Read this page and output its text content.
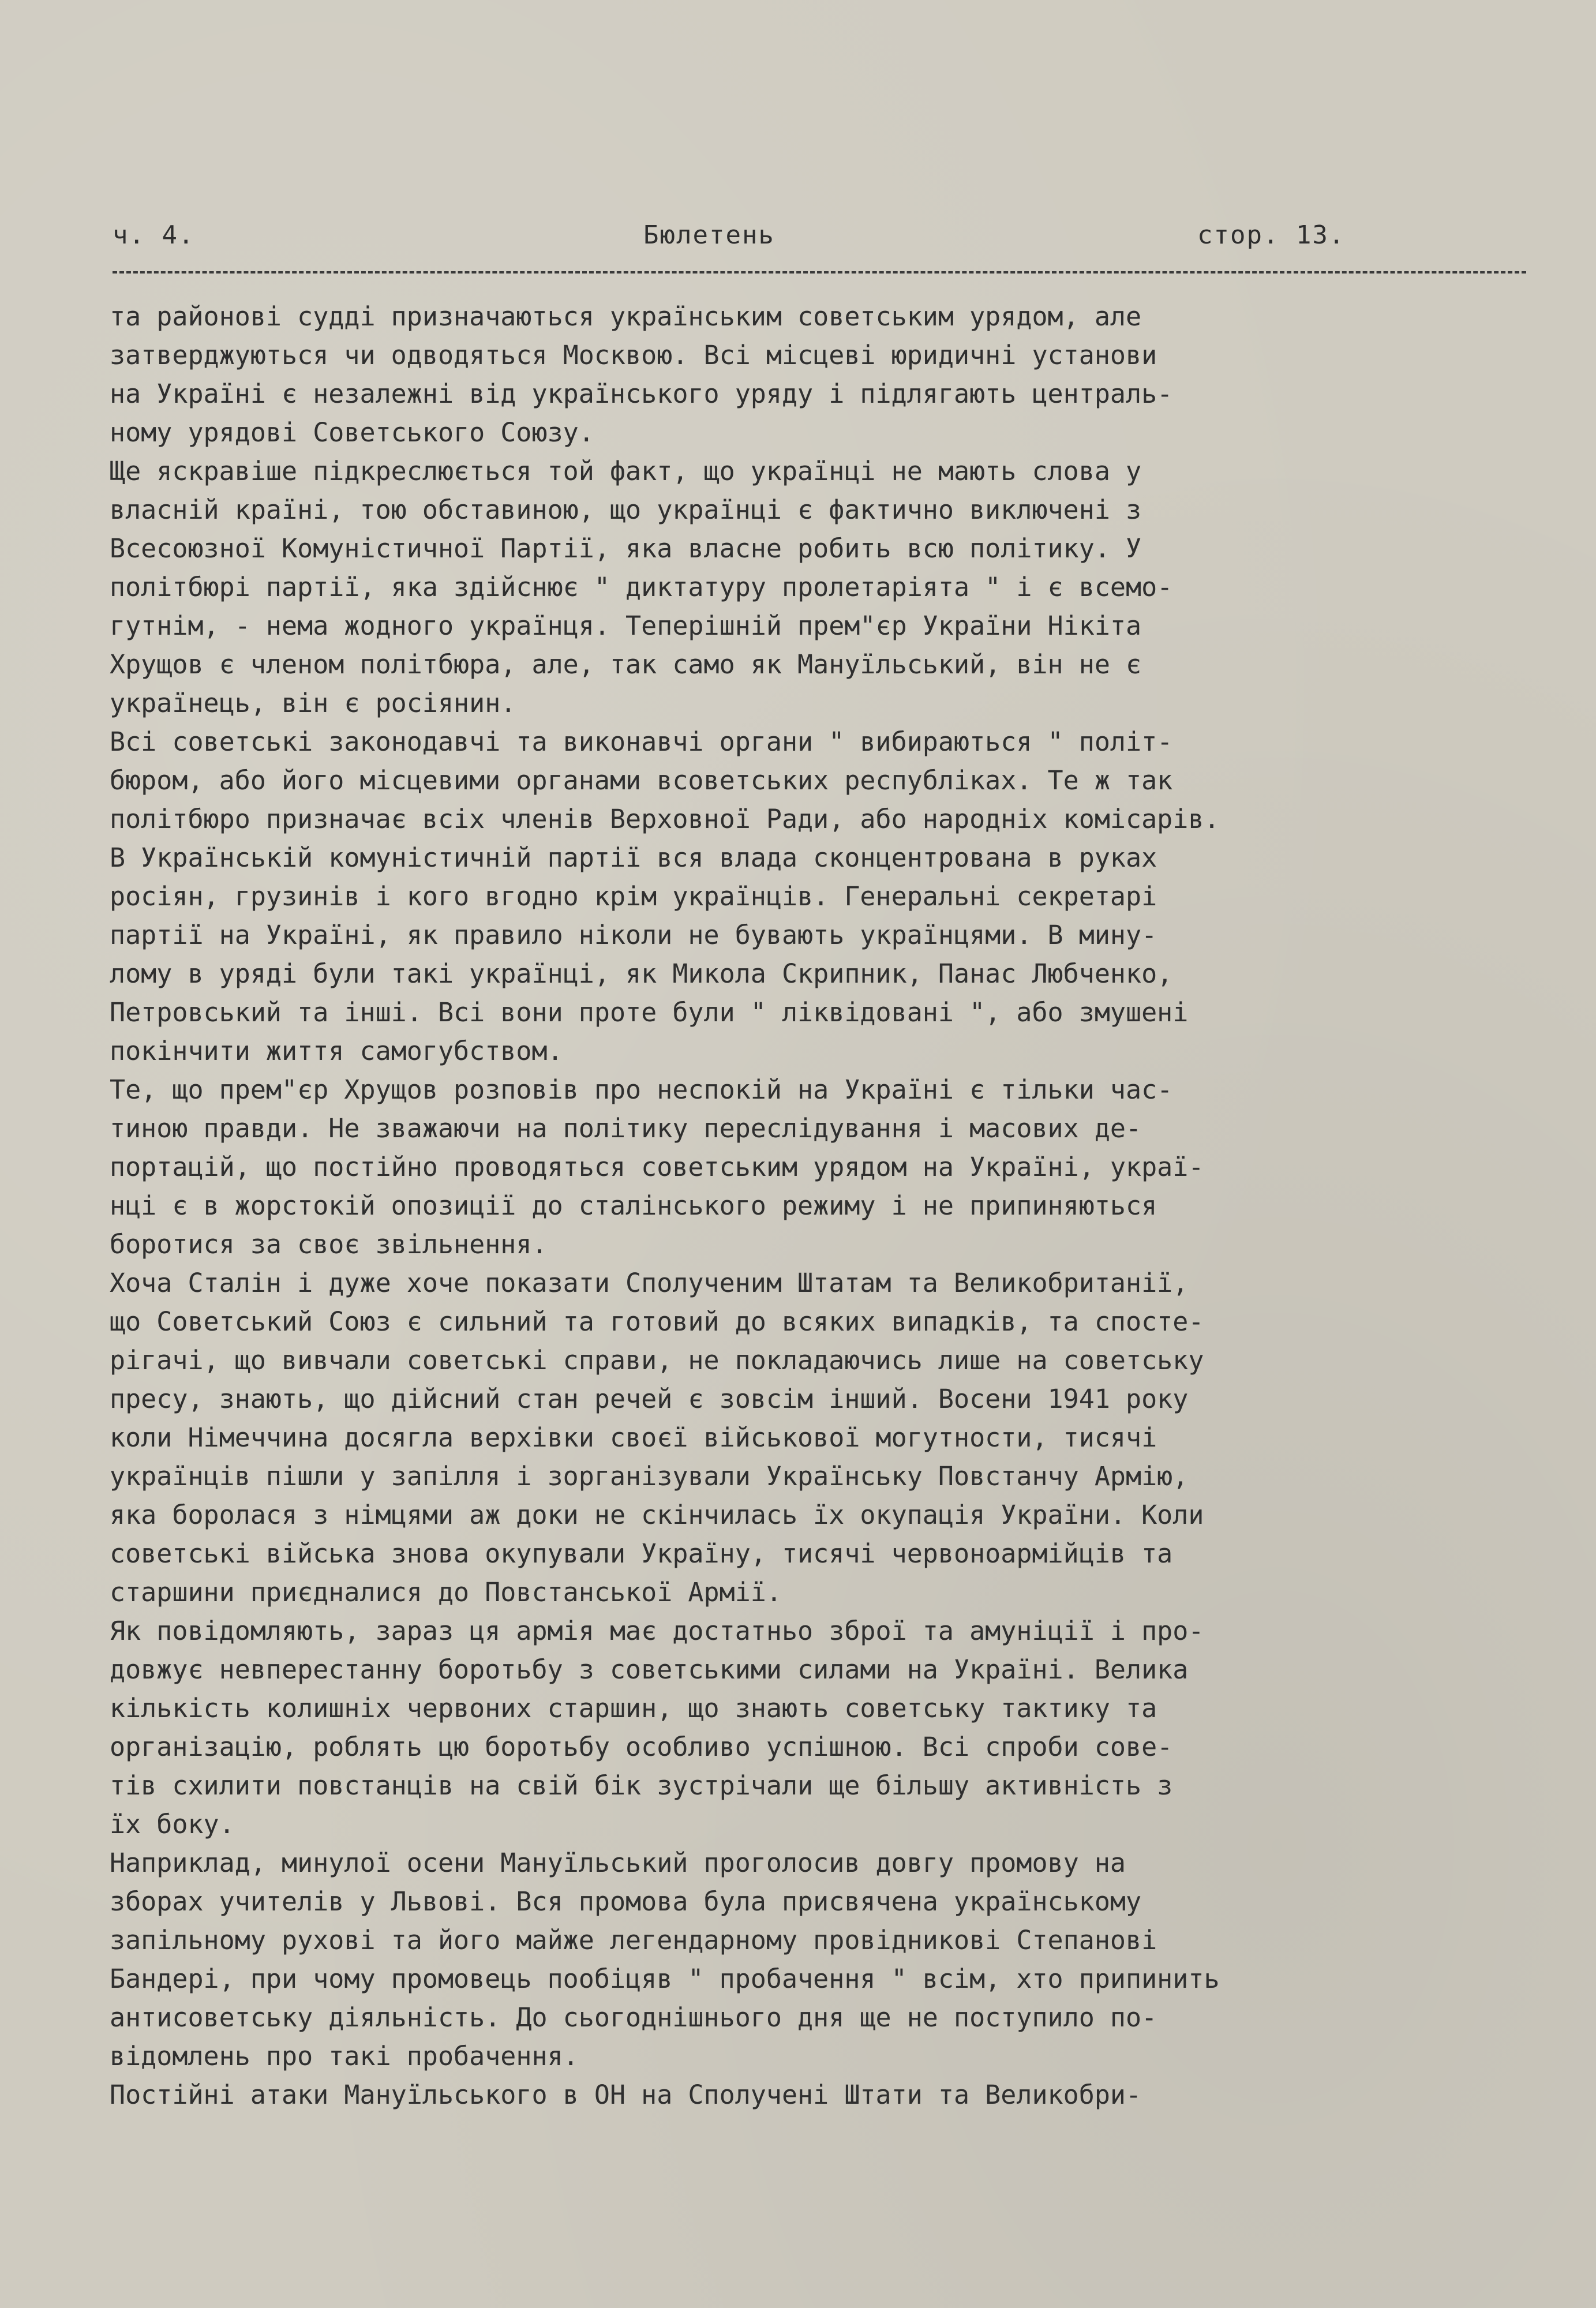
ч. 4.	Бюлетень	стор. 13.
та районові судді призначаються українським советським урядом, але
затверджуються чи одводяться Москвою. Всі місцеві юридичні установи
на Україні є незалежні від українського уряду і підлягають централь-
ному урядові Советського Союзу.
Ще яскравіше підкреслюється той факт, що українці не мають слова у
власній країні, тою обставиною, що українці є фактично виключені з
Всесоюзної Комуністичної Партії, яка власне робить всю політику. У
політбюрі партії, яка здійснює " диктатуру пролетаріята " і є всемо-
гутнім, - нема жодного українця. Теперішній прем"єр України Нікіта
Хрущов є членом політбюра, але, так само як Мануїльський, він не є
українець, він є росіянин.
Всі советські законодавчі та виконавчі органи " вибираються " політ-
бюром, або його місцевими органами всоветських республіках. Те ж так
політбюро призначає всіх членів Верховної Ради, або народніх комісарів.
В Українській комуністичній партії вся влада сконцентрована в руках
росіян, грузинів і кого вгодно крім українців. Генеральні секретарі
партії на Україні, як правило ніколи не бувають українцями. В мину-
лому в уряді були такі українці, як Микола Скрипник, Панас Любченко,
Петровський та інші. Всі вони проте були " ліквідовані ", або змушені
покінчити життя самогубством.
Те, що прем"єр Хрущов розповів про неспокій на Україні є тільки час-
тиною правди. Не зважаючи на політику переслідування і масових де-
портацій, що постійно проводяться советським урядом на Україні, украї-
нці є в жорстокій опозиції до сталінського режиму і не припиняються
боротися за своє звільнення.
Хоча Сталін і дуже хоче показати Сполученим Штатам та Великобританії,
що Советський Союз є сильний та готовий до всяких випадків, та спосте-
рігачі, що вивчали советські справи, не покладаючись лише на советську
пресу, знають, що дійсний стан речей є зовсім інший. Восени 1941 року
коли Німеччина досягла верхівки своєї військової могутности, тисячі
українців пішли у запілля і зорганізували Українську Повстанчу Армію,
яка боролася з німцями аж доки не скінчилась їх окупація України. Коли
советські війська знова окупували Україну, тисячі червоноармійців та
старшини приєдналися до Повстанської Армії.
Як повідомляють, зараз ця армія має достатньо зброї та амуніції і про-
довжує невперестанну боротьбу з советськими силами на Україні. Велика
кількість колишніх червоних старшин, що знають советську тактику та
організацію, роблять цю боротьбу особливо успішною. Всі спроби сове-
тів схилити повстанців на свій бік зустрічали ще більшу активність з
їх боку.
Наприклад, минулої осени Мануїльський проголосив довгу промову на
зборах учителів у Львові. Вся промова була присвячена українському
запільному рухові та його майже легендарному провідникові Степанові
Бандері, при чому промовець пообіцяв " пробачення " всім, хто припинить
антисоветську діяльність. До сьогоднішнього дня ще не поступило по-
відомлень про такі пробачення.
Постійні атаки Мануїльського в ОН на Сполучені Штати та Великобри-
